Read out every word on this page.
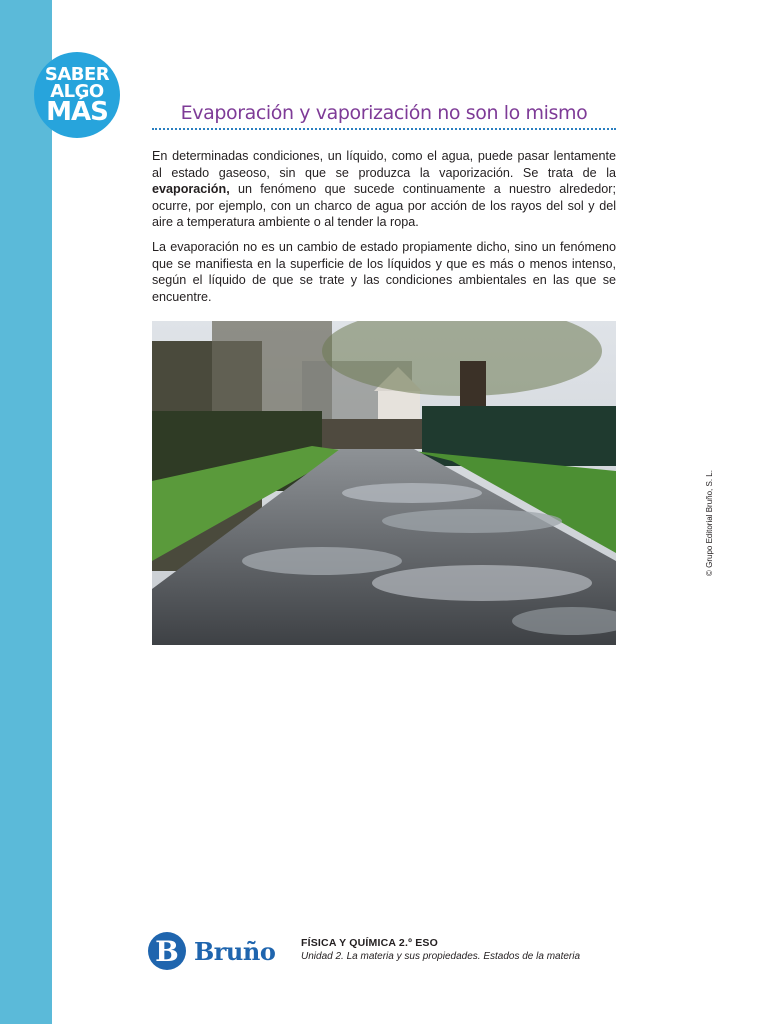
SABER
ALGO
MÁS	Evaporación y vaporización no son lo mismo

En determinadas condiciones, un líquido, como el agua, puede pasar lentamente al estado gaseoso, sin que se produzca la vaporización. Se trata de la evaporación, un fenómeno que sucede continuamente a nuestro alrededor; ocurre, por ejemplo, con un charco de agua por acción de los rayos del sol y del aire a temperatura ambiente o al tender la ropa.

La evaporación no es un cambio de estado propiamente dicho, sino un fenómeno que se manifiesta en la superficie de los líquidos y que es más o menos intenso, según el líquido de que se trate y las condiciones ambientales en las que se encuentre.

© Grupo Editorial Bruño, S. L.
B Bruño FÍSICA Y QUÍMICA 2.º ESO
Unidad 2. La materia y sus propiedades. Estados de la materia
